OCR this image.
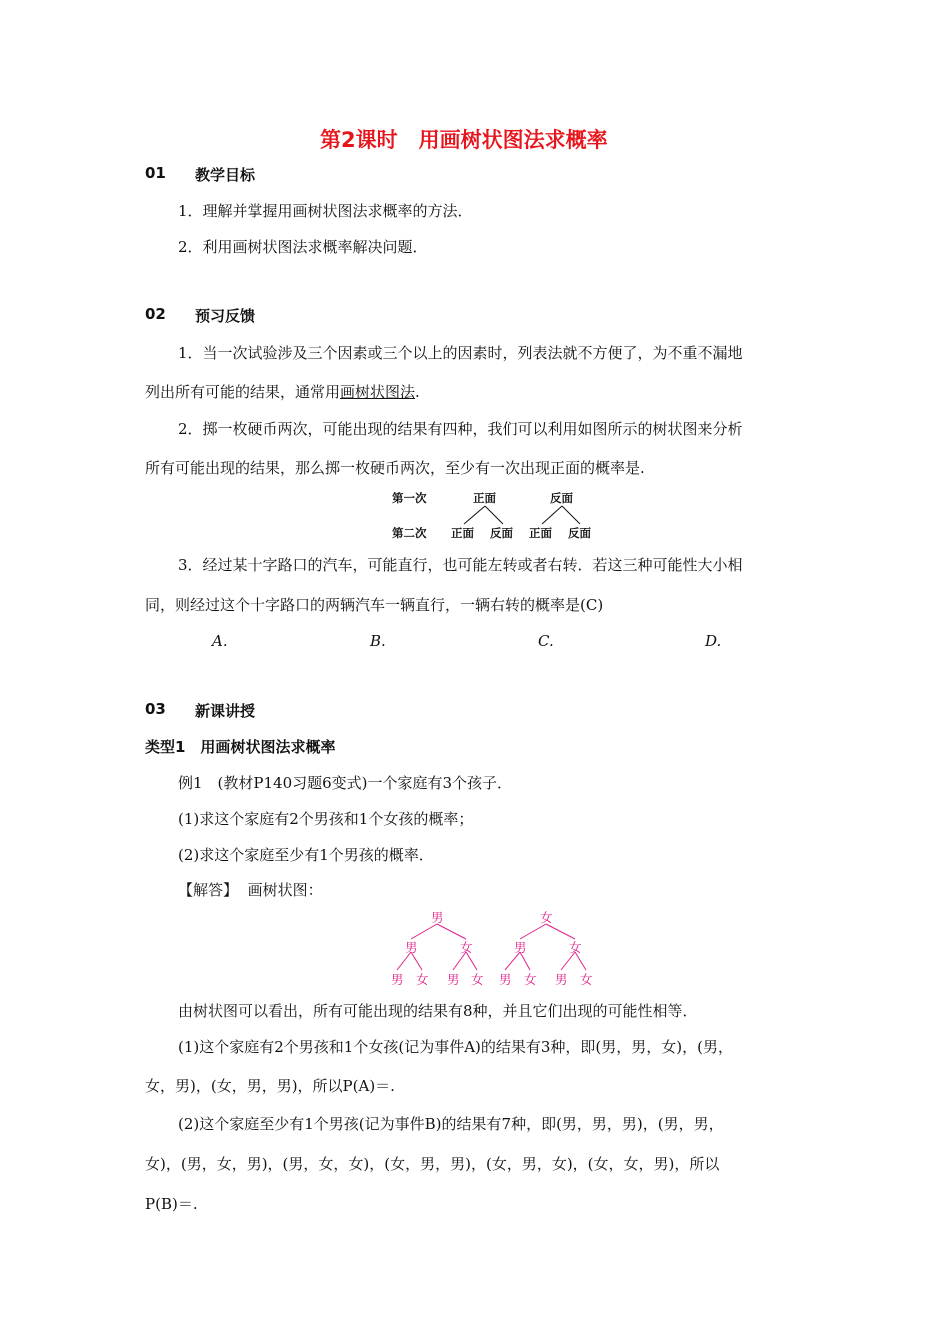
第2课时　用画树状图法求概率
01 教学目标
1．理解并掌握用画树状图法求概率的方法．
2．利用画树状图法求概率解决问题．
02 预习反馈
1．当一次试验涉及三个因素或三个以上的因素时，列表法就不方便了，为不重不漏地
列出所有可能的结果，通常用画树状图法.
2．掷一枚硬币两次，可能出现的结果有四种，我们可以利用如图所示的树状图来分析
所有可能出现的结果，那么掷一枚硬币两次，至少有一次出现正面的概率是.
第一次	正面	反面
第二次 正面 反面 正面 反面
3．经过某十字路口的汽车，可能直行，也可能左转或者右转．若这三种可能性大小相
同，则经过这个十字路口的两辆汽车一辆直行，一辆右转的概率是(C)
A.	B.	C.	D.
03 新课讲授
类型1　用画树状图法求概率
例1　(教材P140习题6变式)一个家庭有3个孩子．
(1)求这个家庭有2个男孩和1个女孩的概率；
(2)求这个家庭至少有1个男孩的概率．
【解答】 画树状图：
男	女
男	女	男	女
男 女 男 女 男 女 男 女
由树状图可以看出，所有可能出现的结果有8种，并且它们出现的可能性相等．
(1)这个家庭有2个男孩和1个女孩(记为事件A)的结果有3种，即(男，男，女)，(男，
女，男)，(女，男，男)，所以P(A)＝.
(2)这个家庭至少有1个男孩(记为事件B)的结果有7种，即(男，男，男)，(男，男，
女)，(男，女，男)，(男，女，女)，(女，男，男)，(女，男，女)，(女，女，男)，所以
P(B)＝.
